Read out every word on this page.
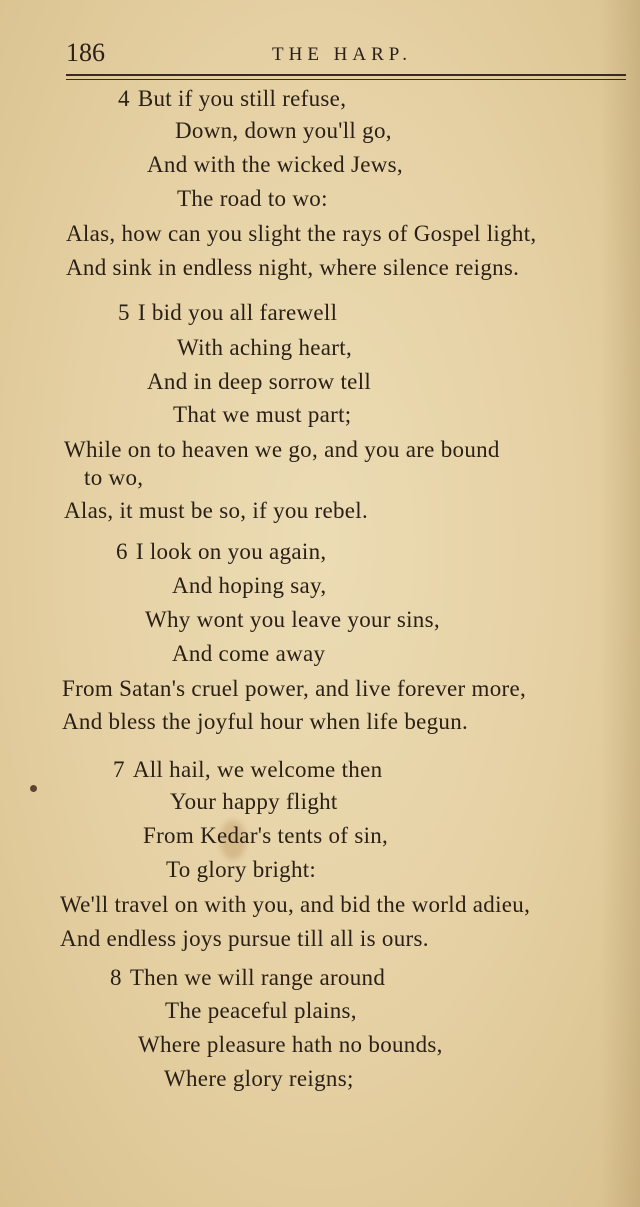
186	THE HARP.
4 But if you still refuse,
Down, down you'll go,
And with the wicked Jews,
The road to wo:
Alas, how can you slight the rays of Gospel light,
And sink in endless night, where silence reigns.
5 I bid you all farewell
With aching heart,
And in deep sorrow tell
That we must part;
While on to heaven we go, and you are bound
to wo,
Alas, it must be so, if you rebel.
6 I look on you again,
And hoping say,
Why wont you leave your sins,
And come away
From Satan's cruel power, and live forever more,
And bless the joyful hour when life begun.
7 All hail, we welcome then
Your happy flight
From Kedar's tents of sin,
To glory bright:
We'll travel on with you, and bid the world adieu,
And endless joys pursue till all is ours.
8 Then we will range around
The peaceful plains,
Where pleasure hath no bounds,
Where glory reigns;
